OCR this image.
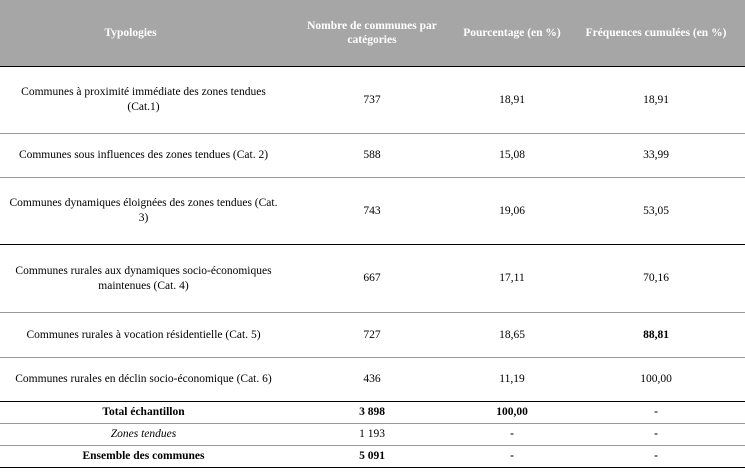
Typologies	Nombre de communes par catégories	Pourcentage (en %)	Fréquences cumulées (en %)
Communes à proximité immédiate des zones tendues (Cat.1)	737	18,91	18,91
Communes sous influences des zones tendues (Cat. 2)	588	15,08	33,99
Communes dynamiques éloignées des zones tendues (Cat. 3)	743	19,06	53,05
Communes rurales aux dynamiques socio-économiques maintenues (Cat. 4)	667	17,11	70,16
Communes rurales à vocation résidentielle (Cat. 5)	727	18,65	88,81
Communes rurales en déclin socio-économique (Cat. 6)	436	11,19	100,00
Total échantillon	3 898	100,00	-
Zones tendues	1 193	-	-
Ensemble des communes	5 091	-	-
